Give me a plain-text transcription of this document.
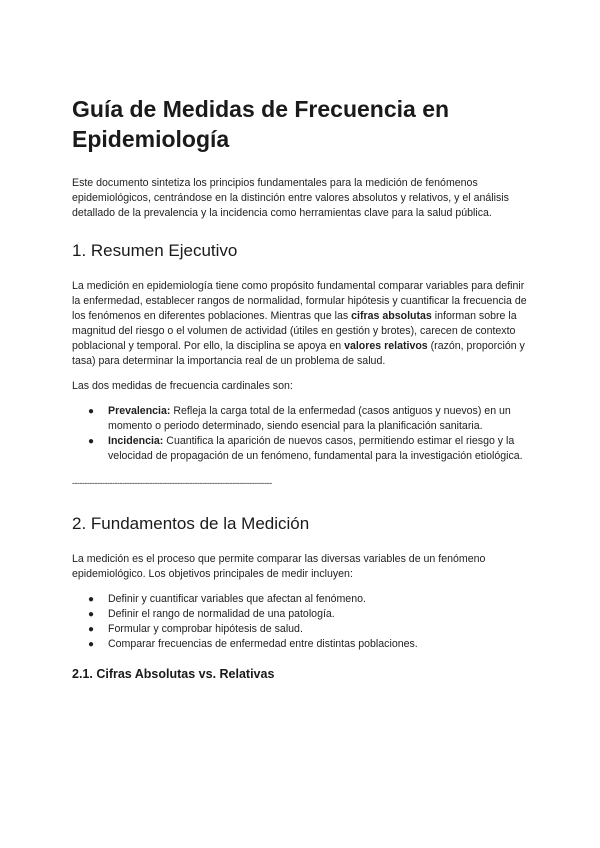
Guía de Medidas de Frecuencia en Epidemiología

Este documento sintetiza los principios fundamentales para la medición de fenómenos epidemiológicos, centrándose en la distinción entre valores absolutos y relativos, y el análisis detallado de la prevalencia y la incidencia como herramientas clave para la salud pública.

1. Resumen Ejecutivo

La medición en epidemiología tiene como propósito fundamental comparar variables para definir la enfermedad, establecer rangos de normalidad, formular hipótesis y cuantificar la frecuencia de los fenómenos en diferentes poblaciones. Mientras que las cifras absolutas informan sobre la magnitud del riesgo o el volumen de actividad (útiles en gestión y brotes), carecen de contexto poblacional y temporal. Por ello, la disciplina se apoya en valores relativos (razón, proporción y tasa) para determinar la importancia real de un problema de salud.

Las dos medidas de frecuencia cardinales son:

● Prevalencia: Refleja la carga total de la enfermedad (casos antiguos y nuevos) en un momento o periodo determinado, siendo esencial para la planificación sanitaria.
● Incidencia: Cuantifica la aparición de nuevos casos, permitiendo estimar el riesgo y la velocidad de propagación de un fenómeno, fundamental para la investigación etiológica.
--------------------------------------------------------------------------------
2. Fundamentos de la Medición

La medición es el proceso que permite comparar las diversas variables de un fenómeno epidemiológico. Los objetivos principales de medir incluyen:

● Definir y cuantificar variables que afectan al fenómeno.
● Definir el rango de normalidad de una patología.
● Formular y comprobar hipótesis de salud.
● Comparar frecuencias de enfermedad entre distintas poblaciones.
2.1. Cifras Absolutas vs. Relativas
